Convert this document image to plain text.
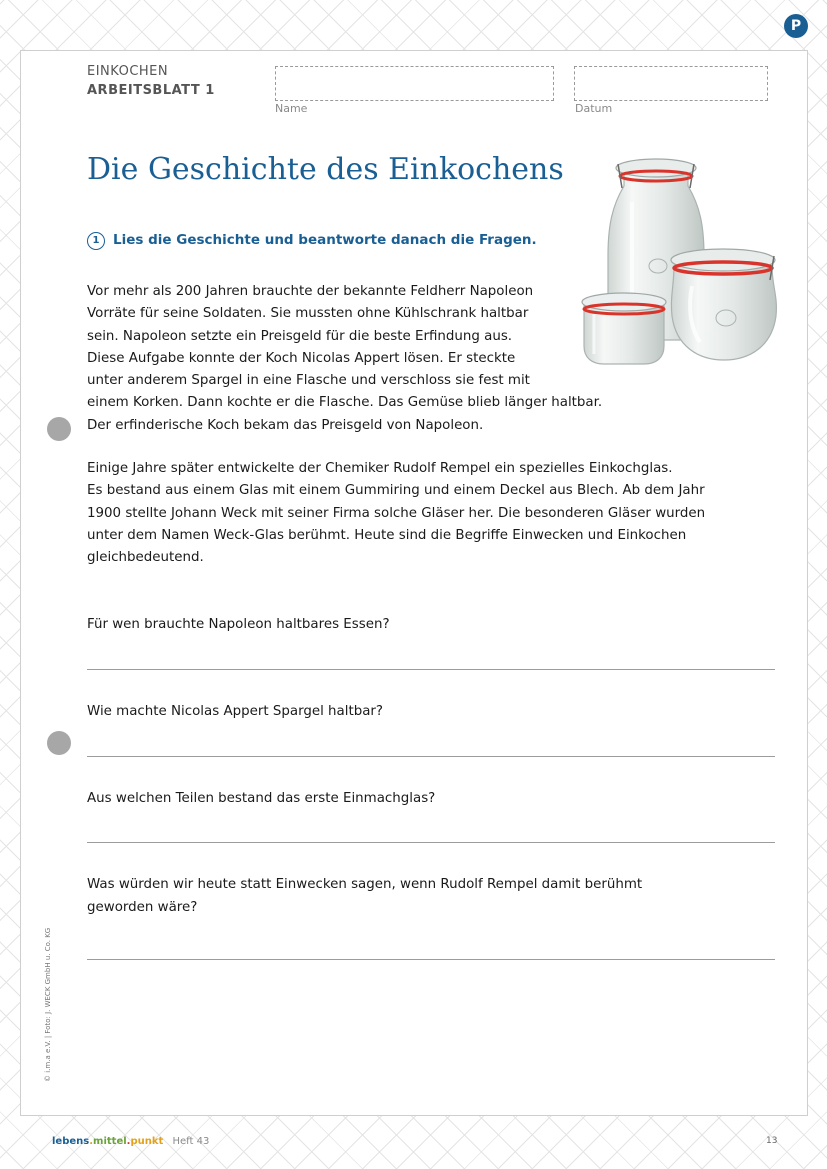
P
EINKOCHEN
ARBEITSBLATT 1
Name	Datum
Die Geschichte des Einkochens
1 Lies die Geschichte und beantworte danach die Fragen.

Vor mehr als 200 Jahren brauchte der bekannte Feldherr Napoleon
Vorräte für seine Soldaten. Sie mussten ohne Kühlschrank haltbar
sein. Napoleon setzte ein Preisgeld für die beste Erfindung aus.
Diese Aufgabe konnte der Koch Nicolas Appert lösen. Er steckte
unter anderem Spargel in eine Flasche und verschloss sie fest mit
einem Korken. Dann kochte er die Flasche. Das Gemüse blieb länger haltbar.
Der erfinderische Koch bekam das Preisgeld von Napoleon.

Einige Jahre später entwickelte der Chemiker Rudolf Rempel ein spezielles Einkochglas.
Es bestand aus einem Glas mit einem Gummiring und einem Deckel aus Blech. Ab dem Jahr
1900 stellte Johann Weck mit seiner Firma solche Gläser her. Die besonderen Gläser wurden
unter dem Namen Weck-Glas berühmt. Heute sind die Begriffe Einwecken und Einkochen
gleichbedeutend.

Für wen brauchte Napoleon haltbares Essen?
Wie machte Nicolas Appert Spargel haltbar?
Aus welchen Teilen bestand das erste Einmachglas?
Was würden wir heute statt Einwecken sagen, wenn Rudolf Rempel damit berühmt
geworden wäre?
© i.m.a e.V. | Foto: J. WECK GmbH u. Co. KG
lebens.mittel.punkt Heft 43	13
